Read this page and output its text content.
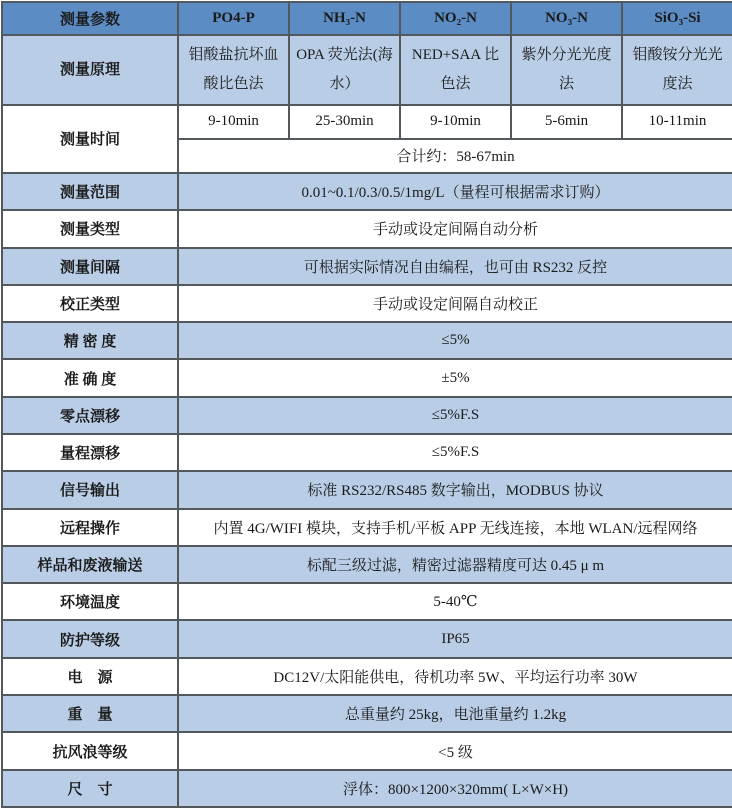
测量参数	PO4-P	NH₃-N	NO₂-N	NO₃-N	SiO₃-Si
测量原理	钼酸盐抗坏血酸比色法	OPA 荧光法(海水）	NED+SAA 比色法	紫外分光光度法	钼酸铵分光光度法
测量时间	9-10min	25-30min	9-10min	5-6min	10-11min
	合计约：58-67min				
测量范围	0.01~0.1/0.3/0.5/1mg/L（量程可根据需求订购）				
测量类型	手动或设定间隔自动分析				
测量间隔	可根据实际情况自由编程，也可由 RS232 反控				
校正类型	手动或设定间隔自动校正				
精 密 度	≤5%				
准 确 度	±5%				
零点漂移	≤5%F.S				
量程漂移	≤5%F.S				
信号输出	标准 RS232/RS485 数字输出，MODBUS 协议				
远程操作	内置 4G/WIFI 模块，支持手机/平板 APP 无线连接，本地 WLAN/远程网络				
样品和废液输送	标配三级过滤，精密过滤器精度可达 0.45 μ m				
环境温度	5-40℃				
防护等级	IP65				
电　源	DC12V/太阳能供电，待机功率 5W、平均运行功率 30W				
重　量	总重量约 25kg，电池重量约 1.2kg				
抗风浪等级	<5 级				
尺　寸	浮体：800×1200×320mm( L×W×H)				
